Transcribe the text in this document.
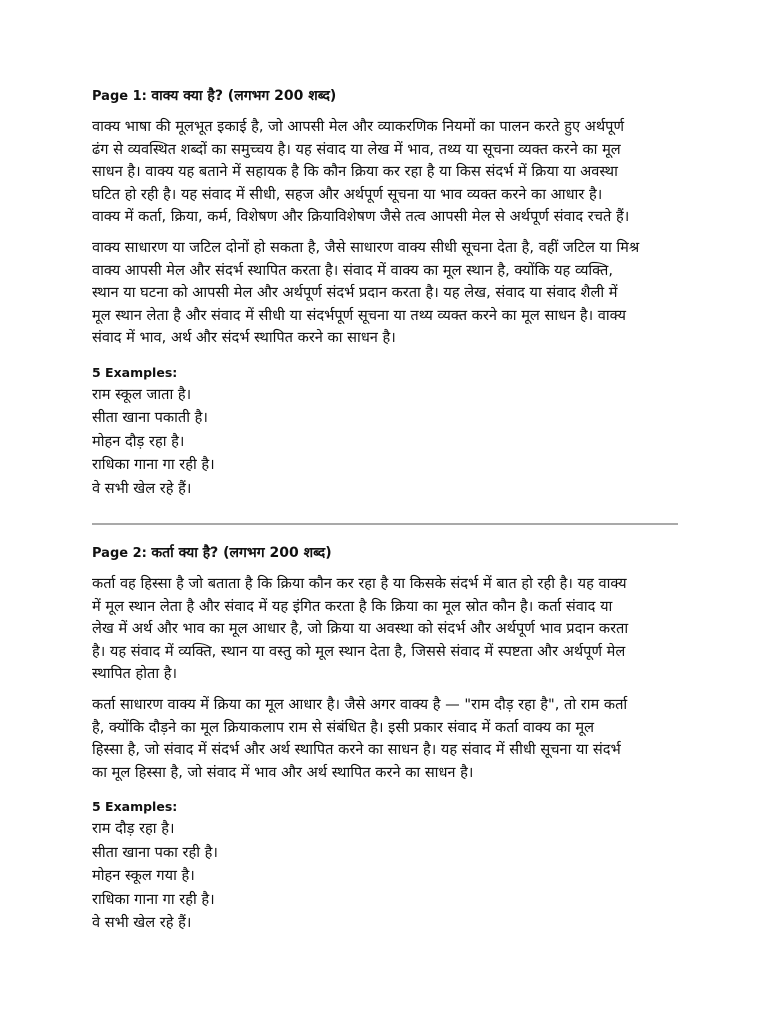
Page 1: वाक्य क्या है? (लगभग 200 शब्द)

वाक्य भाषा की मूलभूत इकाई है, जो आपसी मेल और व्याकरणिक नियमों का पालन करते हुए अर्थपूर्ण
ढंग से व्यवस्थित शब्दों का समुच्चय है। यह संवाद या लेख में भाव, तथ्य या सूचना व्यक्त करने का मूल
साधन है। वाक्य यह बताने में सहायक है कि कौन क्रिया कर रहा है या किस संदर्भ में क्रिया या अवस्था
घटित हो रही है। यह संवाद में सीधी, सहज और अर्थपूर्ण सूचना या भाव व्यक्त करने का आधार है।
वाक्य में कर्ता, क्रिया, कर्म, विशेषण और क्रियाविशेषण जैसे तत्व आपसी मेल से अर्थपूर्ण संवाद रचते हैं।

वाक्य साधारण या जटिल दोनों हो सकता है, जैसे साधारण वाक्य सीधी सूचना देता है, वहीं जटिल या मिश्र
वाक्य आपसी मेल और संदर्भ स्थापित करता है। संवाद में वाक्य का मूल स्थान है, क्योंकि यह व्यक्ति,
स्थान या घटना को आपसी मेल और अर्थपूर्ण संदर्भ प्रदान करता है। यह लेख, संवाद या संवाद शैली में
मूल स्थान लेता है और संवाद में सीधी या संदर्भपूर्ण सूचना या तथ्य व्यक्त करने का मूल साधन है। वाक्य
संवाद में भाव, अर्थ और संदर्भ स्थापित करने का साधन है।

5 Examples:
राम स्कूल जाता है।
सीता खाना पकाती है।
मोहन दौड़ रहा है।
राधिका गाना गा रही है।
वे सभी खेल रहे हैं।
Page 2: कर्ता क्या है? (लगभग 200 शब्द)

कर्ता वह हिस्सा है जो बताता है कि क्रिया कौन कर रहा है या किसके संदर्भ में बात हो रही है। यह वाक्य
में मूल स्थान लेता है और संवाद में यह इंगित करता है कि क्रिया का मूल स्रोत कौन है। कर्ता संवाद या
लेख में अर्थ और भाव का मूल आधार है, जो क्रिया या अवस्था को संदर्भ और अर्थपूर्ण भाव प्रदान करता
है। यह संवाद में व्यक्ति, स्थान या वस्तु को मूल स्थान देता है, जिससे संवाद में स्पष्टता और अर्थपूर्ण मेल
स्थापित होता है।

कर्ता साधारण वाक्य में क्रिया का मूल आधार है। जैसे अगर वाक्य है — "राम दौड़ रहा है", तो राम कर्ता
है, क्योंकि दौड़ने का मूल क्रियाकलाप राम से संबंधित है। इसी प्रकार संवाद में कर्ता वाक्य का मूल
हिस्सा है, जो संवाद में संदर्भ और अर्थ स्थापित करने का साधन है। यह संवाद में सीधी सूचना या संदर्भ
का मूल हिस्सा है, जो संवाद में भाव और अर्थ स्थापित करने का साधन है।

5 Examples:
राम दौड़ रहा है।
सीता खाना पका रही है।
मोहन स्कूल गया है।
राधिका गाना गा रही है।
वे सभी खेल रहे हैं।
